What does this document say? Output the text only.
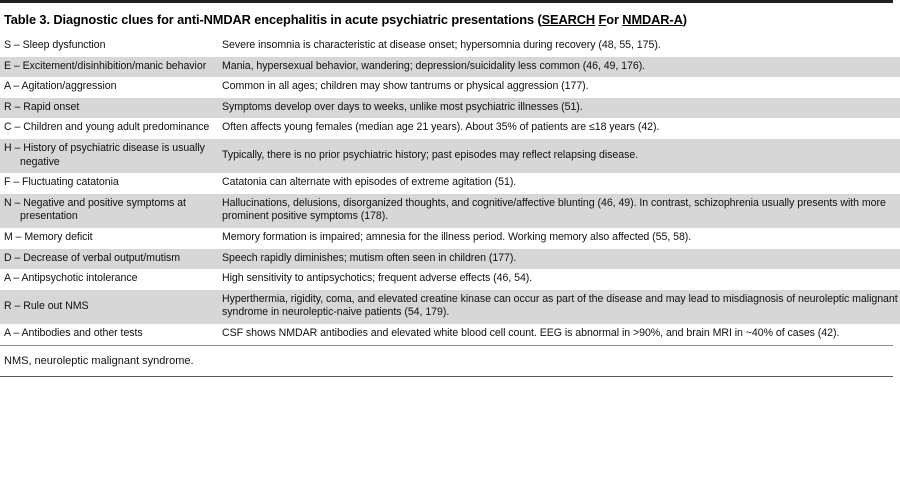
Table 3. Diagnostic clues for anti-NMDAR encephalitis in acute psychiatric presentations (SEARCH For NMDAR-A)
S – Sleep dysfunction	Severe insomnia is characteristic at disease onset; hypersomnia during recovery (48, 55, 175).

E – Excitement/disinhibition/manic behavior	Mania, hypersexual behavior, wandering; depression/suicidality less common (46, 49, 176).

A – Agitation/aggression	Common in all ages; children may show tantrums or physical aggression (177).

R – Rapid onset	Symptoms develop over days to weeks, unlike most psychiatric illnesses (51).

C – Children and young adult predominance	Often affects young females (median age 21 years). About 35% of patients are ≤18 years (42).

H – History of psychiatric disease is usually negative	Typically, there is no prior psychiatric history; past episodes may reflect relapsing disease.

F – Fluctuating catatonia	Catatonia can alternate with episodes of extreme agitation (51).

N – Negative and positive symptoms at presentation	Hallucinations, delusions, disorganized thoughts, and cognitive/affective blunting (46, 49). In contrast, schizophrenia usually presents with more prominent positive symptoms (178).

M – Memory deficit	Memory formation is impaired; amnesia for the illness period. Working memory also affected (55, 58).

D – Decrease of verbal output/mutism	Speech rapidly diminishes; mutism often seen in children (177).

A – Antipsychotic intolerance	High sensitivity to antipsychotics; frequent adverse effects (46, 54).

R – Rule out NMS	Hyperthermia, rigidity, coma, and elevated creatine kinase can occur as part of the disease and may lead to misdiagnosis of neuroleptic malignant syndrome in neuroleptic-naive patients (54, 179).

A – Antibodies and other tests	CSF shows NMDAR antibodies and elevated white blood cell count. EEG is abnormal in >90%, and brain MRI in ~40% of cases (42).
NMS, neuroleptic malignant syndrome.
